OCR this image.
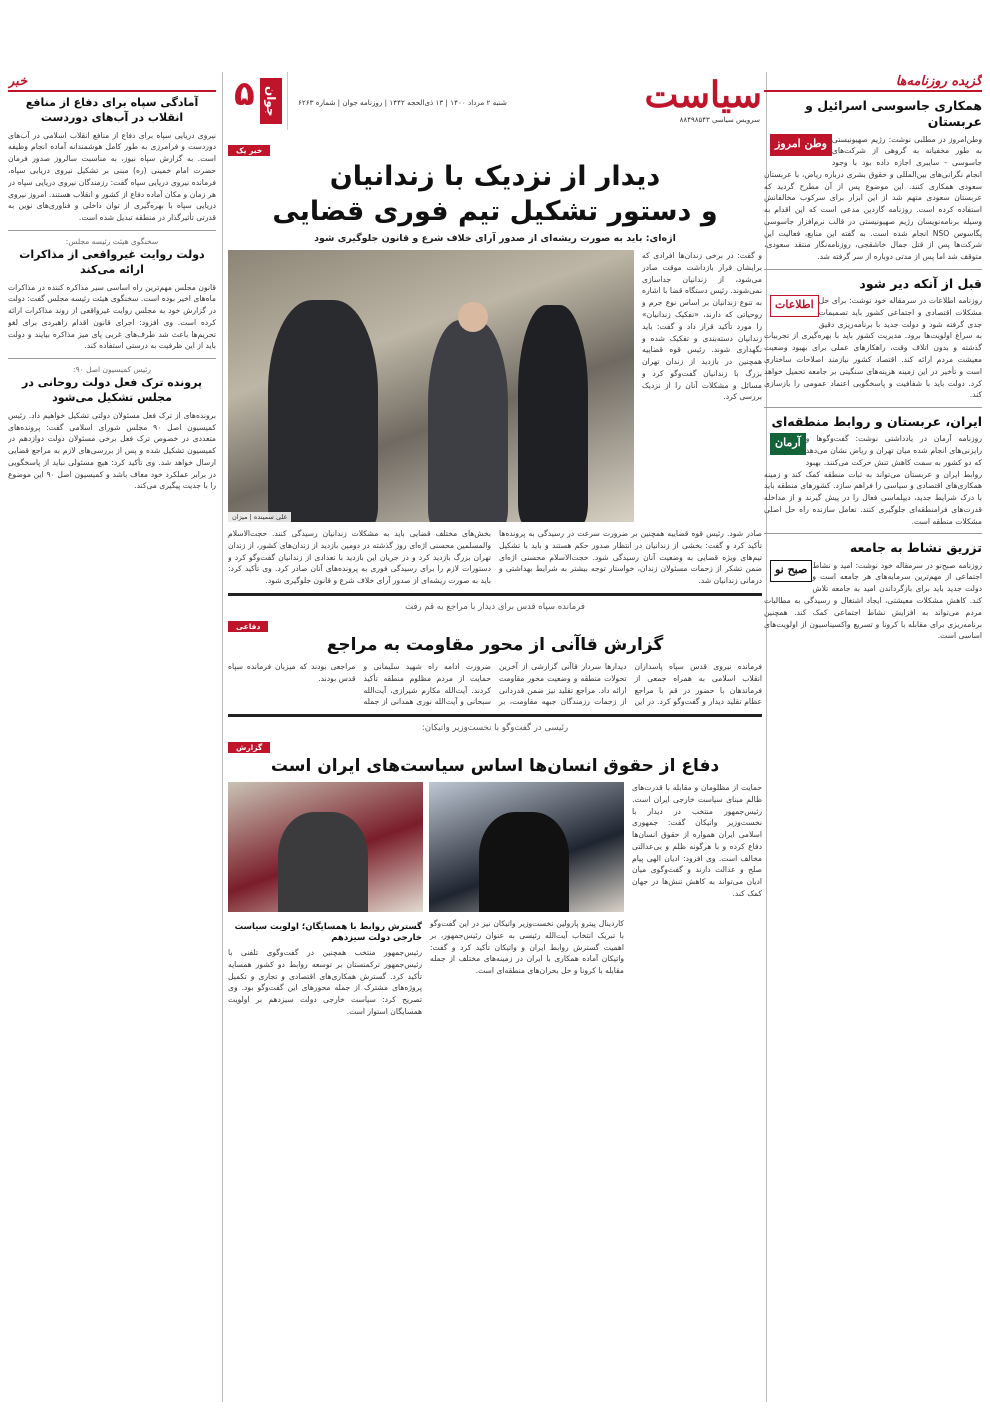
گزیده روزنامه‌ها
همکاری جاسوسی اسرائیل و عربستان
وطن امروز وطن‌امروز در مطلبی نوشت: رژیم صهیونیستی به طور مخفیانه به گروهی از شرکت‌های جاسوسی - سایبری اجازه داده بود با وجود انجام نگرانی‌های بین‌المللی و حقوق بشری درباره ریاض، با عربستان سعودی همکاری کنند. این موضوع پس از آن مطرح گردید که عربستان سعودی متهم شد از این ابزار برای سرکوب مخالفانش استفاده کرده است. روزنامه گاردین مدعی است که این اقدام به وسیله برنامه‌نویسان رژیم صهیونیستی در قالب نرم‌افزار جاسوسی پگاسوس NSO انجام شده است. به گفته این منابع، فعالیت این شرکت‌ها پس از قتل جمال خاشقجی، روزنامه‌نگار منتقد سعودی، متوقف شد اما پس از مدتی دوباره از سر گرفته شد.

قبل از آنکه دیر شود
اطلاعات روزنامه اطلاعات در سرمقاله خود نوشت: برای حل مشکلات اقتصادی و اجتماعی کشور باید تصمیمات جدی گرفته شود و دولت جدید با برنامه‌ریزی دقیق به سراغ اولویت‌ها برود. مدیریت کشور باید با بهره‌گیری از تجربیات گذشته و بدون اتلاف وقت، راهکارهای عملی برای بهبود وضعیت معیشت مردم ارائه کند. اقتصاد کشور نیازمند اصلاحات ساختاری است و تأخیر در این زمینه هزینه‌های سنگینی بر جامعه تحمیل خواهد کرد. دولت باید با شفافیت و پاسخگویی اعتماد عمومی را بازسازی کند.

ایران، عربستان و روابط منطقه‌ای
آرمان روزنامه آرمان در یادداشتی نوشت: گفت‌وگوها و رایزنی‌های انجام شده میان تهران و ریاض نشان می‌دهد که دو کشور به سمت کاهش تنش حرکت می‌کنند. بهبود روابط ایران و عربستان می‌تواند به ثبات منطقه کمک کند و زمینه همکاری‌های اقتصادی و سیاسی را فراهم سازد. کشورهای منطقه باید با درک شرایط جدید، دیپلماسی فعال را در پیش گیرند و از مداخله قدرت‌های فرامنطقه‌ای جلوگیری کنند. تعامل سازنده راه حل اصلی مشکلات منطقه است.

تزریق نشاط به جامعه
صبح نو روزنامه صبح‌نو در سرمقاله خود نوشت: امید و نشاط اجتماعی از مهم‌ترین سرمایه‌های هر جامعه است و دولت جدید باید برای بازگرداندن امید به جامعه تلاش کند. کاهش مشکلات معیشتی، ایجاد اشتغال و رسیدگی به مطالبات مردم می‌تواند به افزایش نشاط اجتماعی کمک کند. همچنین برنامه‌ریزی برای مقابله با کرونا و تسریع واکسیناسیون از اولویت‌های اساسی است.

سیاست
سرویس سیاسی ۸۸۴۹۸۵۴۳
شنبه ۲ مرداد ۱۴۰۰ | ۱۳ ذی‌الحجه ۱۴۴۲ | روزنامه جوان | شماره ۶۲۶۳
۵ جوان
خبر یک
دیدار از نزدیک با زندانیان
و دستور تشکیل تیم فوری قضایی
اژه‌ای: باید به صورت ریشه‌ای از صدور آرای خلاف شرع و قانون جلوگیری شود

و گفت: در برخی زندان‌ها افرادی که برایشان قرار بازداشت موقت صادر می‌شود، از زندانیان جداسازی نمی‌شوند. رئیس دستگاه قضا با اشاره به تنوع زندانیان بر اساس نوع جرم و روحیاتی که دارند، «تفکیک زندانیان» را مورد تأکید قرار داد و گفت: باید زندانیان دسته‌بندی و تفکیک شده و نگهداری شوند. رئیس قوه قضاییه همچنین در بازدید از زندان تهران بزرگ با زندانیان گفت‌وگو کرد و مسائل و مشکلات آنان را از نزدیک بررسی کرد.

علی سمینده | میزان

صادر شود. رئیس قوه قضاییه همچنین بر ضرورت سرعت در رسیدگی به پرونده‌ها تأکید کرد و گفت: بخشی از زندانیان در انتظار صدور حکم هستند و باید با تشکیل تیم‌های ویژه قضایی به وضعیت آنان رسیدگی شود. حجت‌الاسلام محسنی اژه‌ای ضمن تشکر از زحمات مسئولان زندان، خواستار توجه بیشتر به شرایط بهداشتی و درمانی زندانیان شد.

بخش‌های مختلف قضایی باید به مشکلات زندانیان رسیدگی کنند. حجت‌الاسلام والمسلمین محسنی اژه‌ای روز گذشته در دومین بازدید از زندان‌های کشور، از زندان تهران بزرگ بازدید کرد و در جریان این بازدید با تعدادی از زندانیان گفت‌وگو کرد و دستورات لازم را برای رسیدگی فوری به پرونده‌های آنان صادر کرد. وی تأکید کرد: باید به صورت ریشه‌ای از صدور آرای خلاف شرع و قانون جلوگیری شود.

فرمانده سپاه قدس برای دیدار با مراجع به قم رفت
دفاعی
گزارش قاآنی از محور مقاومت به مراجع

فرمانده نیروی قدس سپاه پاسداران انقلاب اسلامی به همراه جمعی از فرماندهان با حضور در قم با مراجع عظام تقلید دیدار و گفت‌وگو کرد. در این دیدارها سردار قاآنی گزارشی از آخرین تحولات منطقه و وضعیت محور مقاومت ارائه داد. مراجع تقلید نیز ضمن قدردانی از زحمات رزمندگان جبهه مقاومت، بر ضرورت ادامه راه شهید سلیمانی و حمایت از مردم مظلوم منطقه تأکید کردند. آیت‌الله مکارم شیرازی، آیت‌الله سبحانی و آیت‌الله نوری همدانی از جمله مراجعی بودند که میزبان فرمانده سپاه قدس بودند.

رئیسی در گفت‌وگو با نخست‌وزیر واتیکان:
گزارش
دفاع از حقوق انسان‌ها اساس سیاست‌های ایران است

حمایت از مظلومان و مقابله با قدرت‌های ظالم مبنای سیاست خارجی ایران است. رئیس‌جمهور منتخب در دیدار با نخست‌وزیر واتیکان گفت: جمهوری اسلامی ایران همواره از حقوق انسان‌ها دفاع کرده و با هرگونه ظلم و بی‌عدالتی مخالف است. وی افزود: ادیان الهی پیام صلح و عدالت دارند و گفت‌وگوی میان ادیان می‌تواند به کاهش تنش‌ها در جهان کمک کند.

کاردینال پیترو پارولین نخست‌وزیر واتیکان نیز در این گفت‌وگو با تبریک انتخاب آیت‌الله رئیسی به عنوان رئیس‌جمهور، بر اهمیت گسترش روابط ایران و واتیکان تأکید کرد و گفت: واتیکان آماده همکاری با ایران در زمینه‌های مختلف از جمله مقابله با کرونا و حل بحران‌های منطقه‌ای است.

گسترش روابط با همسایگان؛ اولویت سیاست خارجی دولت سیزدهم

رئیس‌جمهور منتخب همچنین در گفت‌وگوی تلفنی با رئیس‌جمهور ترکمنستان بر توسعه روابط دو کشور همسایه تأکید کرد. گسترش همکاری‌های اقتصادی و تجاری و تکمیل پروژه‌های مشترک از جمله محورهای این گفت‌وگو بود. وی تصریح کرد: سیاست خارجی دولت سیزدهم بر اولویت همسایگان استوار است.

خبر
آمادگی سپاه برای دفاع از منافع انقلاب در آب‌های دوردست

نیروی دریایی سپاه برای دفاع از منافع انقلاب اسلامی در آب‌های دوردست و فرامرزی به طور کامل هوشمندانه آماده انجام وظیفه است. به گزارش سپاه نیوز، به مناسبت سالروز صدور فرمان حضرت امام خمینی (ره) مبنی بر تشکیل نیروی دریایی سپاه، فرمانده نیروی دریایی سپاه گفت: رزمندگان نیروی دریایی سپاه در هر زمان و مکان آماده دفاع از کشور و انقلاب هستند. امروز نیروی دریایی سپاه با بهره‌گیری از توان داخلی و فناوری‌های نوین به قدرتی تأثیرگذار در منطقه تبدیل شده است.

سخنگوی هیئت رئیسه مجلس:
دولت روایت غیرواقعی از مذاکرات ارائه می‌کند

قانون مجلس مهم‌ترین راه اساسی سیر مذاکره کننده در مذاکرات ماه‌های اخیر بوده است. سخنگوی هیئت رئیسه مجلس گفت: دولت در گزارش خود به مجلس روایت غیرواقعی از روند مذاکرات ارائه کرده است. وی افزود: اجرای قانون اقدام راهبردی برای لغو تحریم‌ها باعث شد طرف‌های غربی پای میز مذاکره بیایند و دولت باید از این ظرفیت به درستی استفاده کند.

رئیس کمیسیون اصل ۹۰:
پرونده ترک فعل دولت روحانی در مجلس تشکیل می‌شود

برونده‌های از ترک فعل مسئولان دولتی تشکیل خواهیم داد. رئیس کمیسیون اصل ۹۰ مجلس شورای اسلامی گفت: پرونده‌های متعددی در خصوص ترک فعل برخی مسئولان دولت دوازدهم در کمیسیون تشکیل شده و پس از بررسی‌های لازم به مراجع قضایی ارسال خواهد شد. وی تأکید کرد: هیچ مسئولی نباید از پاسخگویی در برابر عملکرد خود معاف باشد و کمیسیون اصل ۹۰ این موضوع را با جدیت پیگیری می‌کند.
